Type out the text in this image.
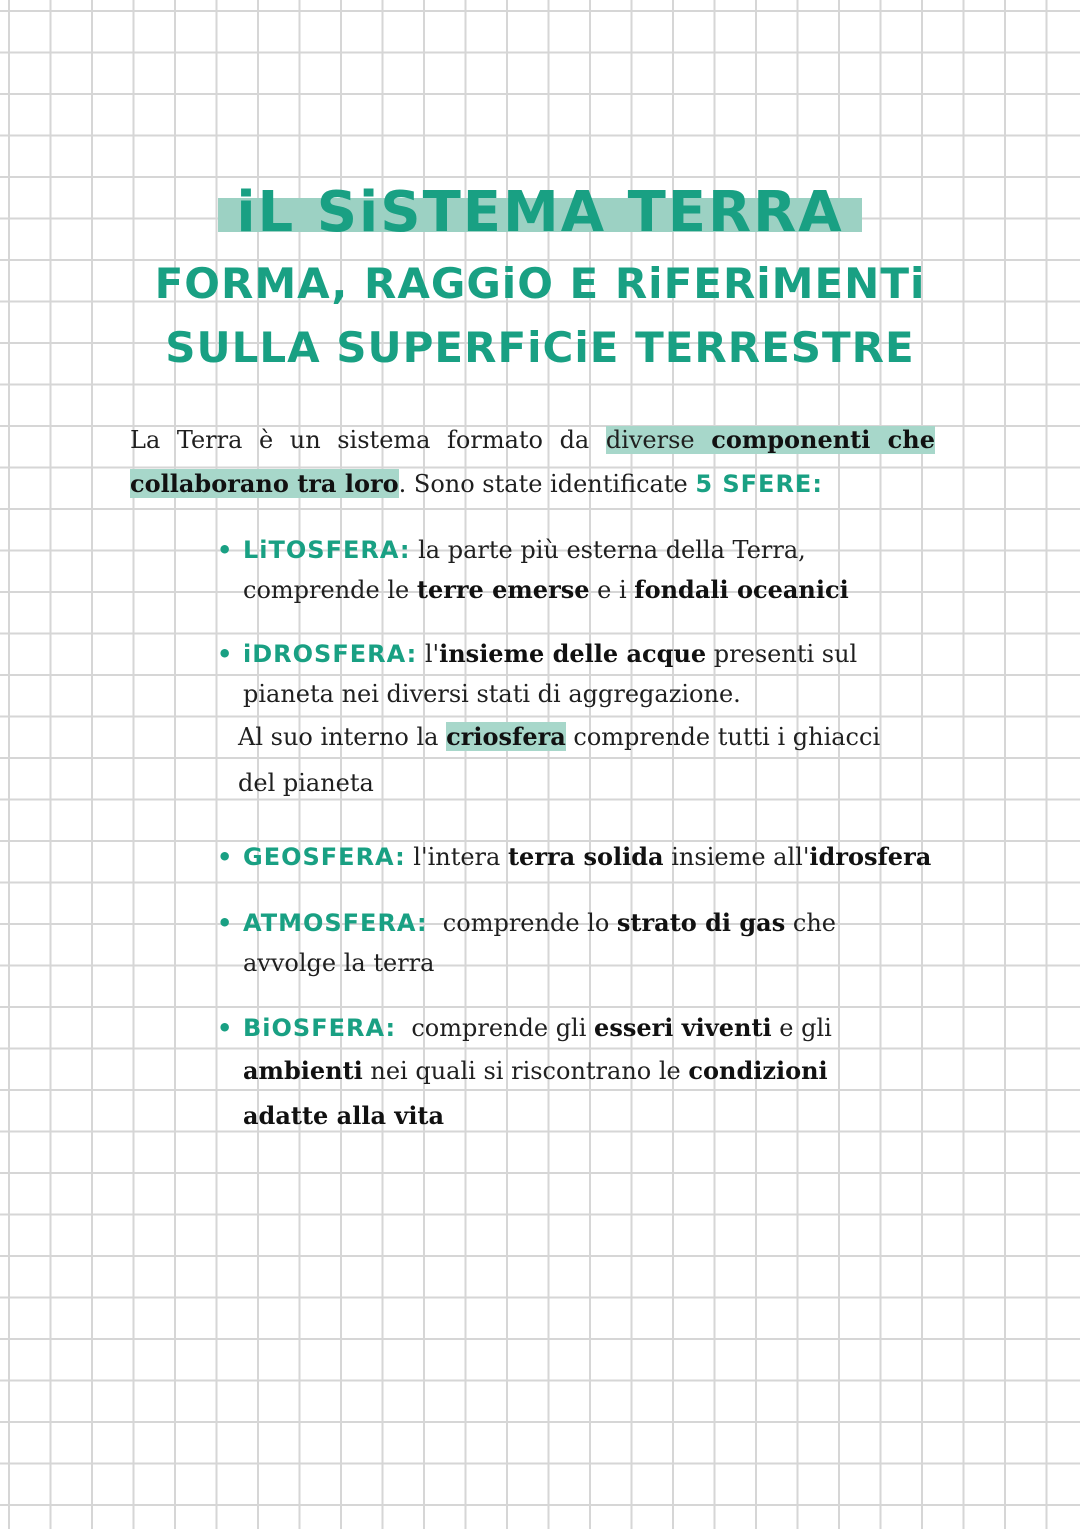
iL SiSTEMA TERRA
FORMA, RAGGiO E RiFERiMENTi
SULLA SUPERFiCiE TERRESTRE
La Terra è un sistema formato da diverse componenti che collaborano tra loro. Sono state identificate 5 SFERE:
• LiTOSFERA: la parte più esterna della Terra,
comprende le terre emerse e i fondali oceanici
• iDROSFERA: l'insieme delle acque presenti sul
pianeta nei diversi stati di aggregazione.
Al suo interno la criosfera comprende tutti i ghiacci
del pianeta
• GEOSFERA: l'intera terra solida insieme all'idrosfera
• ATMOSFERA:  comprende lo strato di gas che
avvolge la terra
• BiOSFERA:  comprende gli esseri viventi e gli
ambienti nei quali si riscontrano le condizioni
adatte alla vita
